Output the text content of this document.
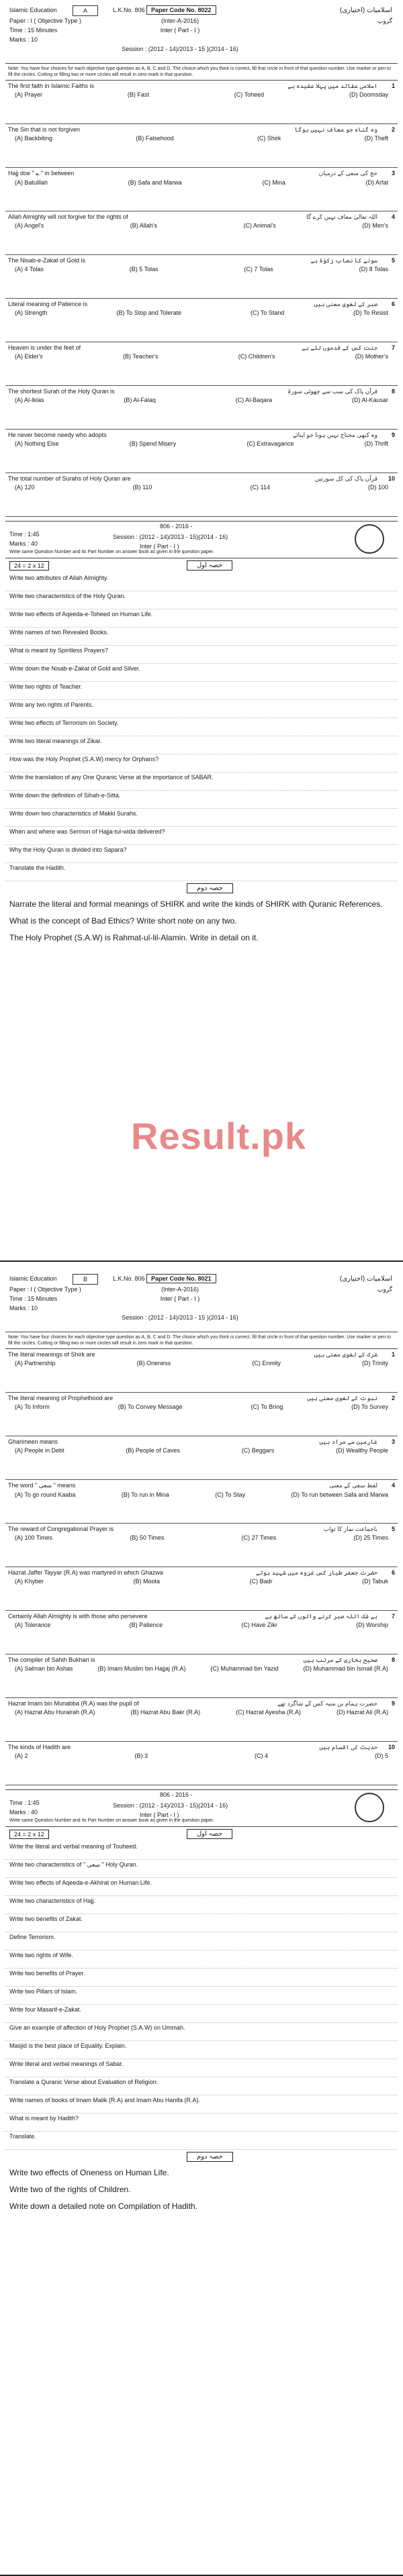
Islamic Education	A	L.K.No. 806	Paper Code No. 8022
Paper : I ( Objective Type )	(Inter-A-2016)
Time : 15 Minutes	Inter ( Part - I )
Marks : 10
Session : (2012 - 14)/2013 - 15 )(2014 - 16)
اسلامیات (اختیاری)
گروپ
Note: You have four choices for each objective type question as A, B, C and D. The choice which you think is correct, fill that circle in front of that question number. Use marker or pen to fill the circles. Cutting or filling two or more circles will result in zero mark in that question.
The first faith in Islamic Faiths is	اسلامی عقائد میں پہلا عقیدہ ہے 1
(A) Prayer	(B) Fast	(C) Toheed	(D) Doomsday
The Sin that is not forgiven	وہ گناہ جو معاف نہیں ہوگا 2
(A) Backbiting	(B) Falsehood	(C) Shirk	(D) Theft
Hajj doe " ے " in between	حج کی سعی کے درمیان 3
(A) Batulllah	(B) Safa and Marwa	(C) Mina	(D) Arfat
Allah Almighty will not forgive for the rights of	اللہ تعالیٰ معاف نہیں کرے گا 4
(A) Angel's	(B) Allah's	(C) Animal's	(D) Men's
The Nisab-e-Zakat of Gold is	سونے کا نصاب زکوٰۃ ہے 5
(A) 4 Tolas	(B) 5 Tolas	(C) 7 Tolas	(D) 8 Tolas
Literal meaning of Patience is	صبر کے لغوی معنی ہیں 6
(A) Strength	(B) To Stop and Tolerate	(C) To Stand	(D) To Resist
Heaven is under the feet of	جنت کس کے قدموں تلے ہے 7
(A) Elder's	(B) Teacher's	(C) Children's	(D) Mother's
The shortest Surah of the Holy Quran is	قرآن پاک کی سب سے چھوٹی سورۃ 8
(A) Al-Iklas	(B) Al-Falaq	(C) Al-Baqara	(D) Al-Kausar
He never become needy who adopts	وہ کبھی محتاج نہیں ہوتا جو اپنائے 9
(A) Nothing Else	(B) Spend Misery	(C) Extravagance	(D) Thrift
The total number of Surahs of Holy Quran are	قرآن پاک کی کل سورتیں 10
(A) 120	(B) 110	(C) 114	(D) 100
806 - 2016 -
Time : 1:45
Marks : 40
Session : (2012 - 14)/2013 - 15)(2014 - 16)
Inter ( Part - I )
Write same Question Number and its Part Number on answer book as given in the question paper.
24 = 2 x 12	حصہ اول
Write two attributes of Allah Almighty.
Write two characteristics of the Holy Quran.
Write two effects of Aqeeda-e-Toheed on Human Life.
Write names of two Revealed Books.
What is meant by Spiritless Prayers?
Write down the Nisab-e-Zakat of Gold and Silver.
Write two rights of Teacher.
Write any two rights of Parents.
Write two effects of Terrorism on Society.
Write two literal meanings of Zikar.
How was the Holy Prophet (S.A.W) mercy for Orphans?
Write the translation of any One Quranic Verse at the importance of SABAR.
Write down the definition of Sihah-e-Sitta.
Write down two characteristics of Makki Surahs.
When and where was Sermon of Hajja-tul-wida delivered?
Why the Holy Quran is divided into Sapara?
Translate the Hadith.
حصہ دوم
Narrate the literal and formal meanings of SHIRK and write the kinds of SHIRK with Quranic References.
What is the concept of Bad Ethics? Write short note on any two.
The Holy Prophet (S.A.W) is Rahmat-ul-lil-Alamin. Write in detail on it.
Result.pk
Islamic Education	B	L.K.No. 806	Paper Code No. 8021
Paper : I ( Objective Type )	(Inter-A-2016)
Time : 15 Minutes	Inter ( Part - I )
Marks : 10
Session : (2012 - 14)/2013 - 15 )(2014 - 16)
اسلامیات (اختیاری)
گروپ
Note: You have four choices for each objective type question as A, B, C and D. The choice which you think is correct, fill that circle in front of that question number. Use marker or pen to fill the circles. Cutting or filling two or more circles will result in zero mark in that question.
The literal meanings of Shirk are	شرک کے لغوی معنی ہیں 1
(A) Partnership	(B) Oneness	(C) Enmity	(D) Trinity
The literal meaning of Prophethood are	نبوت کے لغوی معنی ہیں 2
(A) To Inform	(B) To Convey Message	(C) To Bring	(D) To Survey
Gharimeen means	غارمین سے مراد ہیں 3
(A) People in Debt	(B) People of Caves	(C) Beggars	(D) Wealthy People
The word " سعی " means	لفظ سعی کے معنی 4
(A) To go round Kaaba	(B) To run in Mina	(C) To Stay	(D) To run between Safa and Marwa
The reward of Congregational Prayer is	باجماعت نماز کا ثواب 5
(A) 100 Times	(B) 50 Times	(C) 27 Times	(D) 25 Times
Hazrat Jaffer Tayyar (R.A) was martyred in which Ghazwa	حضرت جعفر طیار کس غزوہ میں شہید ہوئے 6
(A) Khyber	(B) Moota	(C) Badr	(D) Tabuk
Certainly Allah Almighty is with those who persevere	بے شک اللہ صبر کرنے والوں کے ساتھ ہے 7
(A) Tolerance	(B) Patience	(C) Have Zikr	(D) Worship
The compiler of Sahih Bukhari is	صحیح بخاری کے مرتب ہیں 8
(A) Salman bin Ashas	(B) Imam Muslim bin Hajjaj (R.A)	(C) Muhammad bin Yazid	(D) Muhammad bin Ismail (R.A)
Hazrat Imam bin Munabba (R.A) was the pupil of	حضرت ہمام بن منبہ کس کے شاگرد تھے 9
(A) Hazrat Abu Hurairah (R.A)	(B) Hazrat Abu Bakr (R.A)	(C) Hazrat Ayesha (R.A)	(D) Hazrat Ali (R.A)
The kinds of Hadith are	حدیث کی اقسام ہیں 10
(A) 2	(B) 3	(C) 4	(D) 5
806 - 2016 -
Time : 1:45
Marks : 40
Session : (2012 - 14)/2013 - 15)(2014 - 16)
Inter ( Part - I )
Write same Question Number and its Part Number on answer book as given in the question paper.
24 = 2 x 12	حصہ اول
Write the literal and verbal meaning of Touheed.
Write two characteristics of " سعی " Holy Quran.
Write two effects of Aqeeda-e-Akhirat on Human Life.
Write two characteristics of Hajj.
Write two benefits of Zakat.
Define Terrorism.
Write two rights of Wife.
Write two benefits of Prayer.
Write two Pillars of Islam.
Write four Masarif-e-Zakat.
Give an example of affection of Holy Prophet (S.A.W) on Ummah.
Masjid is the best place of Equality. Explain.
Write literal and verbal meanings of Sabar.
Translate a Quranic Verse about Evaluation of Religion.
Write names of books of Imam Malik (R.A) and Imam Abu Hanifa (R.A).
What is meant by Hadith?
Translate.
حصہ دوم
Write two effects of Oneness on Human Life.
Write two of the rights of Children.
Write down a detailed note on Compilation of Hadith.
